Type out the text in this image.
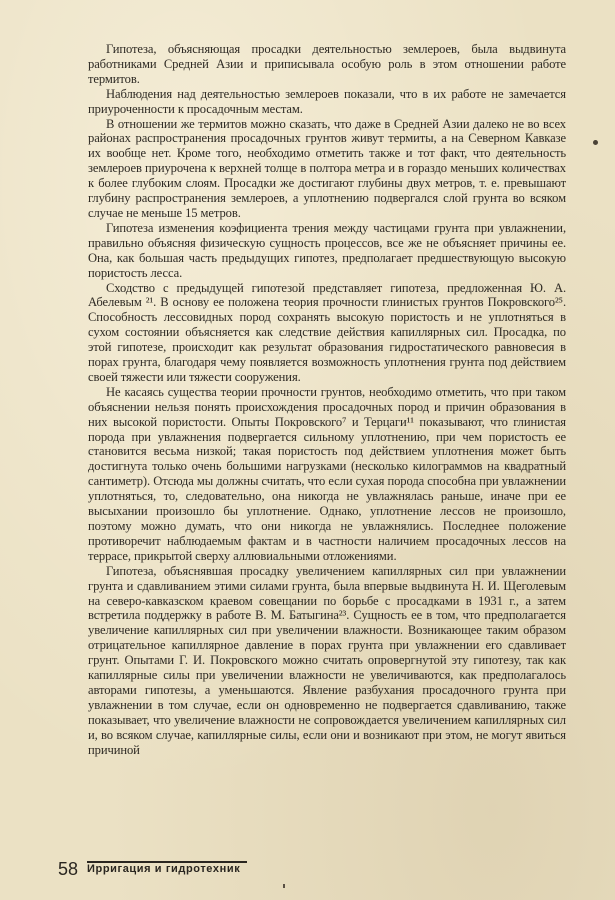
Гипотеза, объясняющая просадки деятельностью землероев, была выдвинута работниками Средней Азии и приписывала особую роль в этом отношении работе термитов.

Наблюдения над деятельностью землероев показали, что в их работе не замечается приуроченности к просадочным местам.

В отношении же термитов можно сказать, что даже в Средней Азии далеко не во всех районах распространения просадочных грунтов живут термиты, а на Северном Кавказе их вообще нет. Кроме того, необходимо отметить также и тот факт, что деятельность землероев приурочена к верхней толще в полтора метра и в гораздо меньших количествах к более глубоким слоям. Просадки же достигают глубины двух метров, т. е. превышают глубину распространения землероев, а уплотнению подвергался слой грунта во всяком случае не меньше 15 метров.

Гипотеза изменения коэфициента трения между частицами грунта при увлажнении, правильно объясняя физическую сущность процессов, все же не объясняет причины ее. Она, как большая часть предыдущих гипотез, предполагает предшествующую высокую пористость лесса.

Сходство с предыдущей гипотезой представляет гипотеза, предложенная Ю. А. Абелевым ²¹. В основу ее положена теория прочности глинистых грунтов Покровского²⁵. Способность лессовидных пород сохранять высокую пористость и не уплотняться в сухом состоянии объясняется как следствие действия капиллярных сил. Просадка, по этой гипотезе, происходит как результат образования гидростатического равновесия в порах грунта, благодаря чему появляется возможность уплотнения грунта под действием своей тяжести или тяжести сооружения.

Не касаясь существа теории прочности грунтов, необходимо отметить, что при таком объяснении нельзя понять происхождения просадочных пород и причин образования в них высокой пористости. Опыты Покровского⁷ и Терцаги¹¹ показывают, что глинистая порода при увлажнения подвергается сильному уплотнению, при чем пористость ее становится весьма низкой; такая пористость под действием уплотнения может быть достигнута только очень большими нагрузками (несколько килограммов на квадратный сантиметр). Отсюда мы должны считать, что если сухая порода способна при увлажнении уплотняться, то, следовательно, она никогда не увлажнялась раньше, иначе при ее высыхании произошло бы уплотнение. Однако, уплотнение лессов не произошло, поэтому можно думать, что они никогда не увлажнялись. Последнее положение противоречит наблюдаемым фактам и в частности наличием просадочных лессов на террасе, прикрытой сверху аллювиальными отложениями.

Гипотеза, объяснявшая просадку увеличением капиллярных сил при увлажнении грунта и сдавливанием этими силами грунта, была впервые выдвинута Н. И. Щеголевым на северо-кавказском краевом совещании по борьбе с просадками в 1931 г., а затем встретила поддержку в работе В. М. Батыгина²³. Сущность ее в том, что предполагается увеличение капиллярных сил при увеличении влажности. Возникающее таким образом отрицательное капиллярное давление в порах грунта при увлажнении его сдавливает грунт. Опытами Г. И. Покровского можно считать опровергнутой эту гипотезу, так как капиллярные силы при увеличении влажности не увеличиваются, как предполагалось авторами гипотезы, а уменьшаются. Явление разбухания просадочного грунта при увлажнении в том случае, если он одновременно не подвергается сдавливанию, также показывает, что увеличение влажности не сопровождается увеличением капиллярных сил и, во всяком случае, капиллярные силы, если они и возникают при этом, не могут явиться причиной

58 Ирригация и гидротехник
